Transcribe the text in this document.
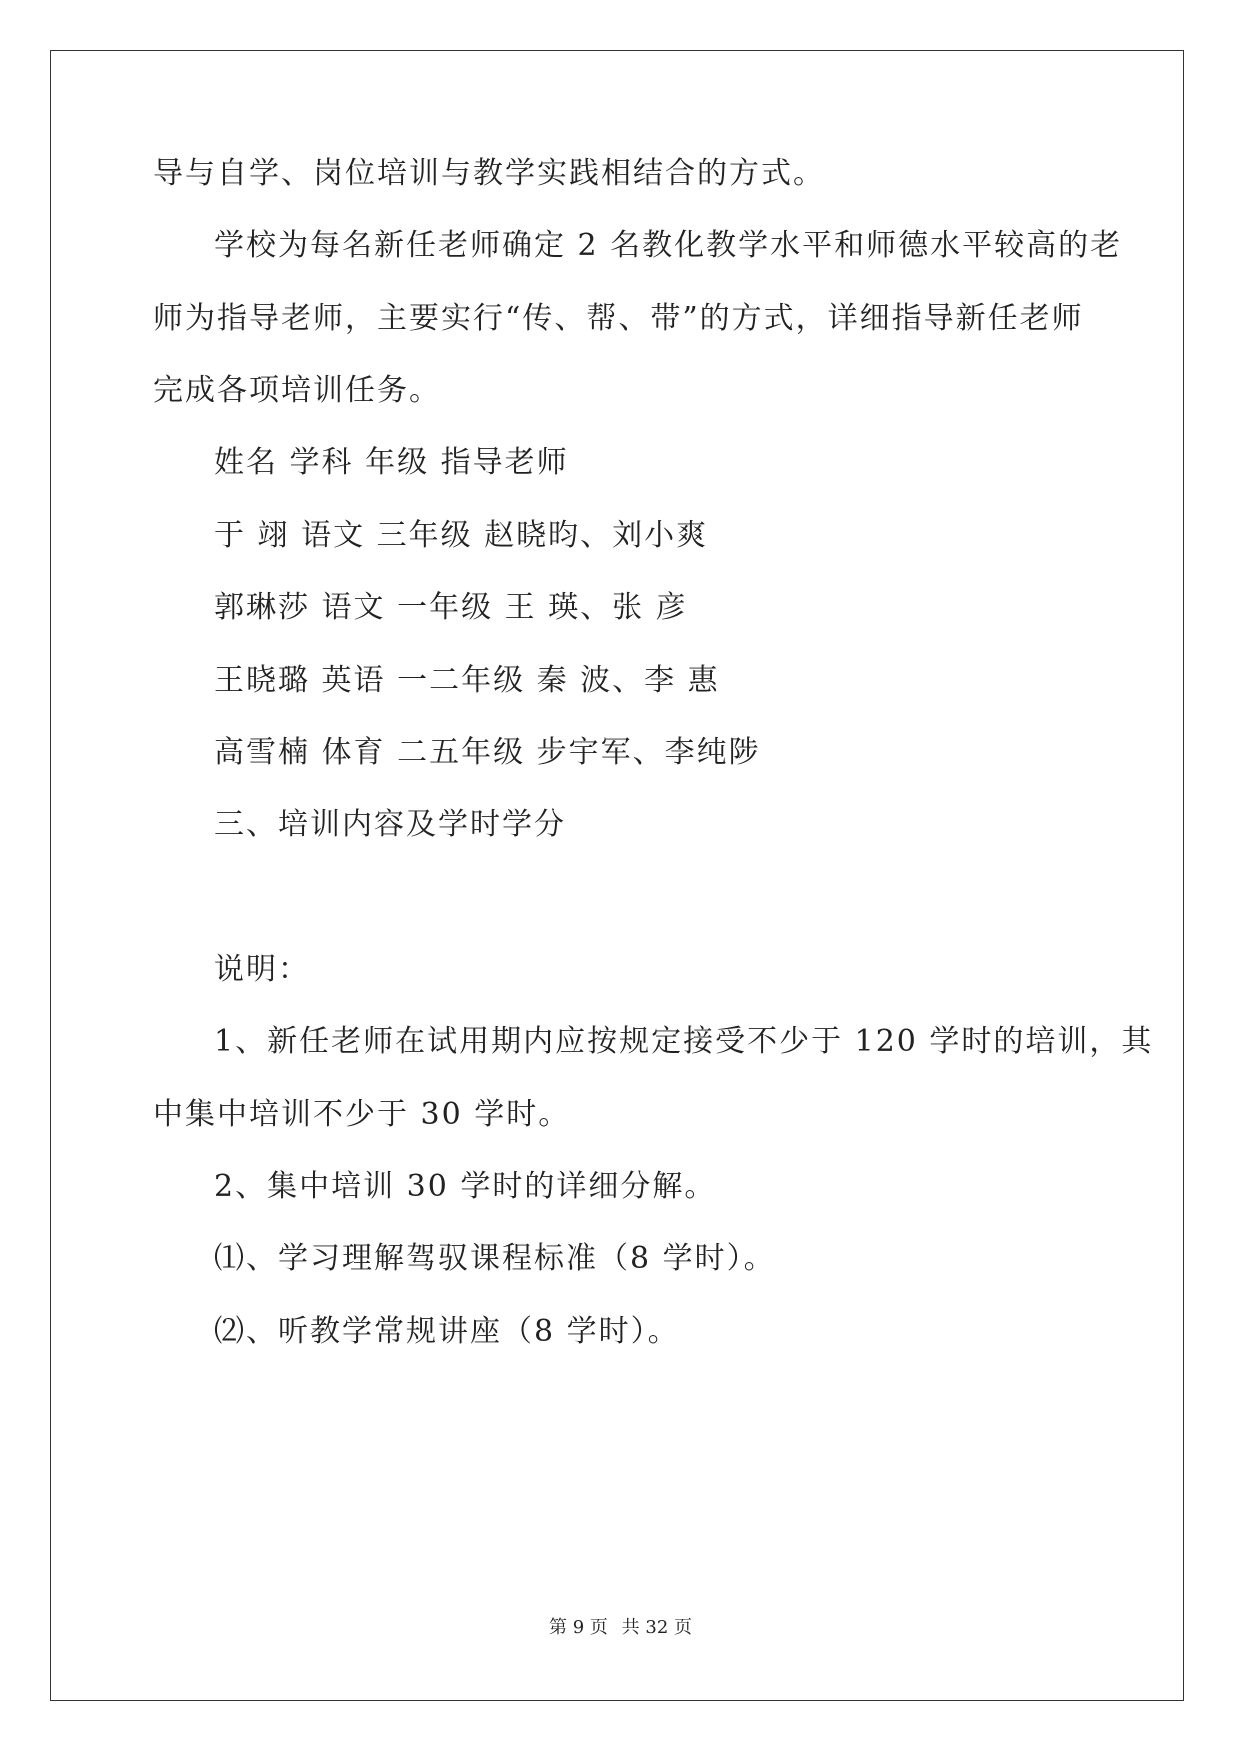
导与自学、岗位培训与教学实践相结合的方式。
学校为每名新任老师确定 2 名教化教学水平和师德水平较高的老
师为指导老师，主要实行“传、帮、带”的方式，详细指导新任老师
完成各项培训任务。
姓名 学科 年级 指导老师
于 翊 语文 三年级 赵晓昀、刘小爽
郭琳莎 语文 一年级 王 瑛、张 彦
王晓璐 英语 一二年级 秦 波、李 惠
高雪楠 体育 二五年级 步宇军、李纯陟
三、培训内容及学时学分
说明：
1、新任老师在试用期内应按规定接受不少于 120 学时的培训，其
中集中培训不少于 30 学时。
2、集中培训 30 学时的详细分解。
⑴、学习理解驾驭课程标准（8 学时）。
⑵、听教学常规讲座（8 学时）。
第 9 页 共 32 页
